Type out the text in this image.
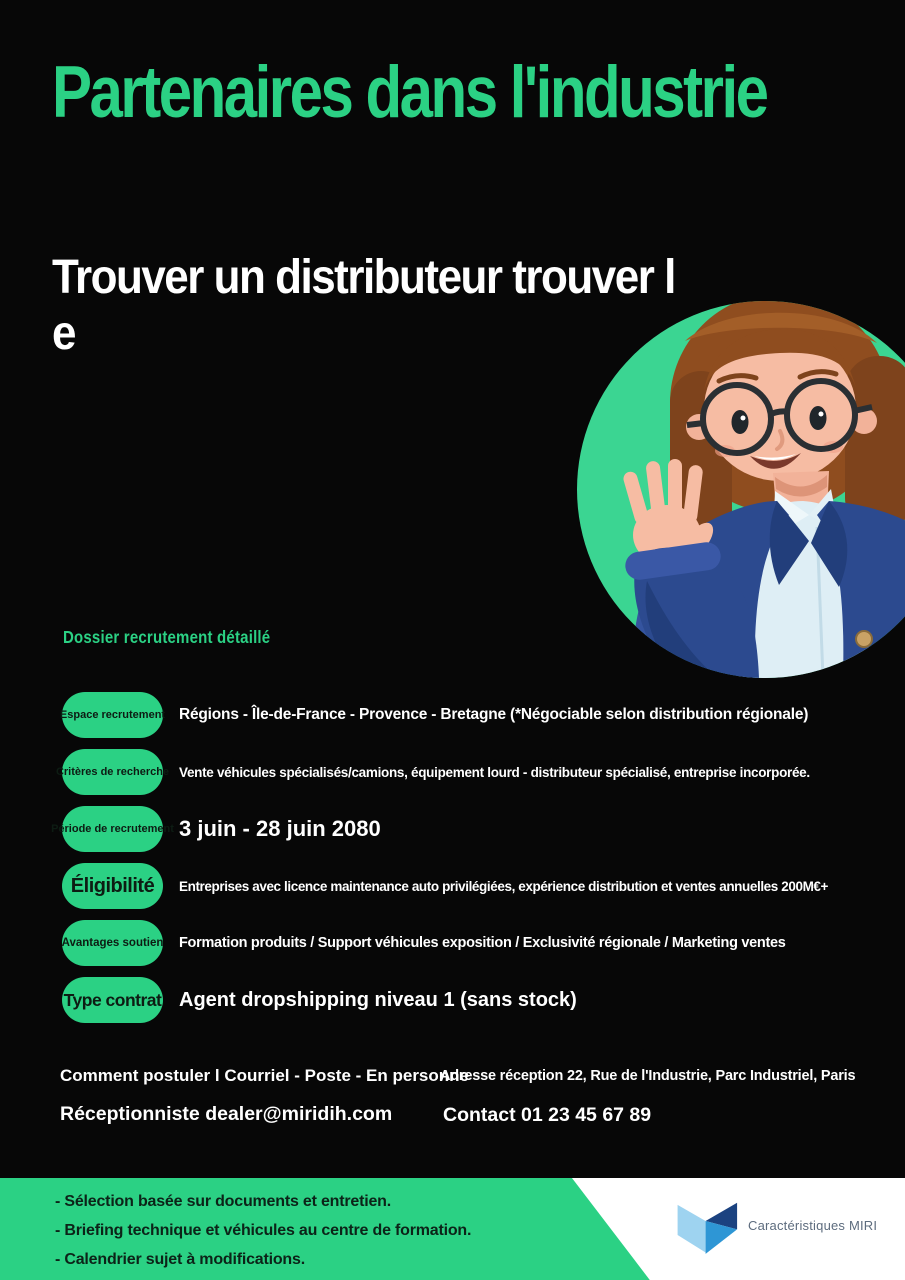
Partenaires dans l'industrie
Trouver un distributeur trouver l
e
Dossier recrutement détaillé
Espace recrutement Régions - Île-de-France - Provence - Bretagne (*Négociable selon distribution régionale)
Critères de recherche Vente véhicules spécialisés/camions, équipement lourd - distributeur spécialisé, entreprise incorporée.
Période de recrutement 3 juin - 28 juin 2080
Éligibilité Entreprises avec licence maintenance auto privilégiées, expérience distribution et ventes annuelles 200M€+
Avantages soutien Formation produits / Support véhicules exposition / Exclusivité régionale / Marketing ventes
Type contrat Agent dropshipping niveau 1 (sans stock)
Comment postuler l Courriel - Poste - En personne
Adresse réception 22, Rue de l'Industrie, Parc Industriel, Paris
Réceptionniste dealer@miridih.com	Contact 01 23 45 67 89
- Sélection basée sur documents et entretien.
- Briefing technique et véhicules au centre de formation.
- Calendrier sujet à modifications.
Caractéristiques MIRI
